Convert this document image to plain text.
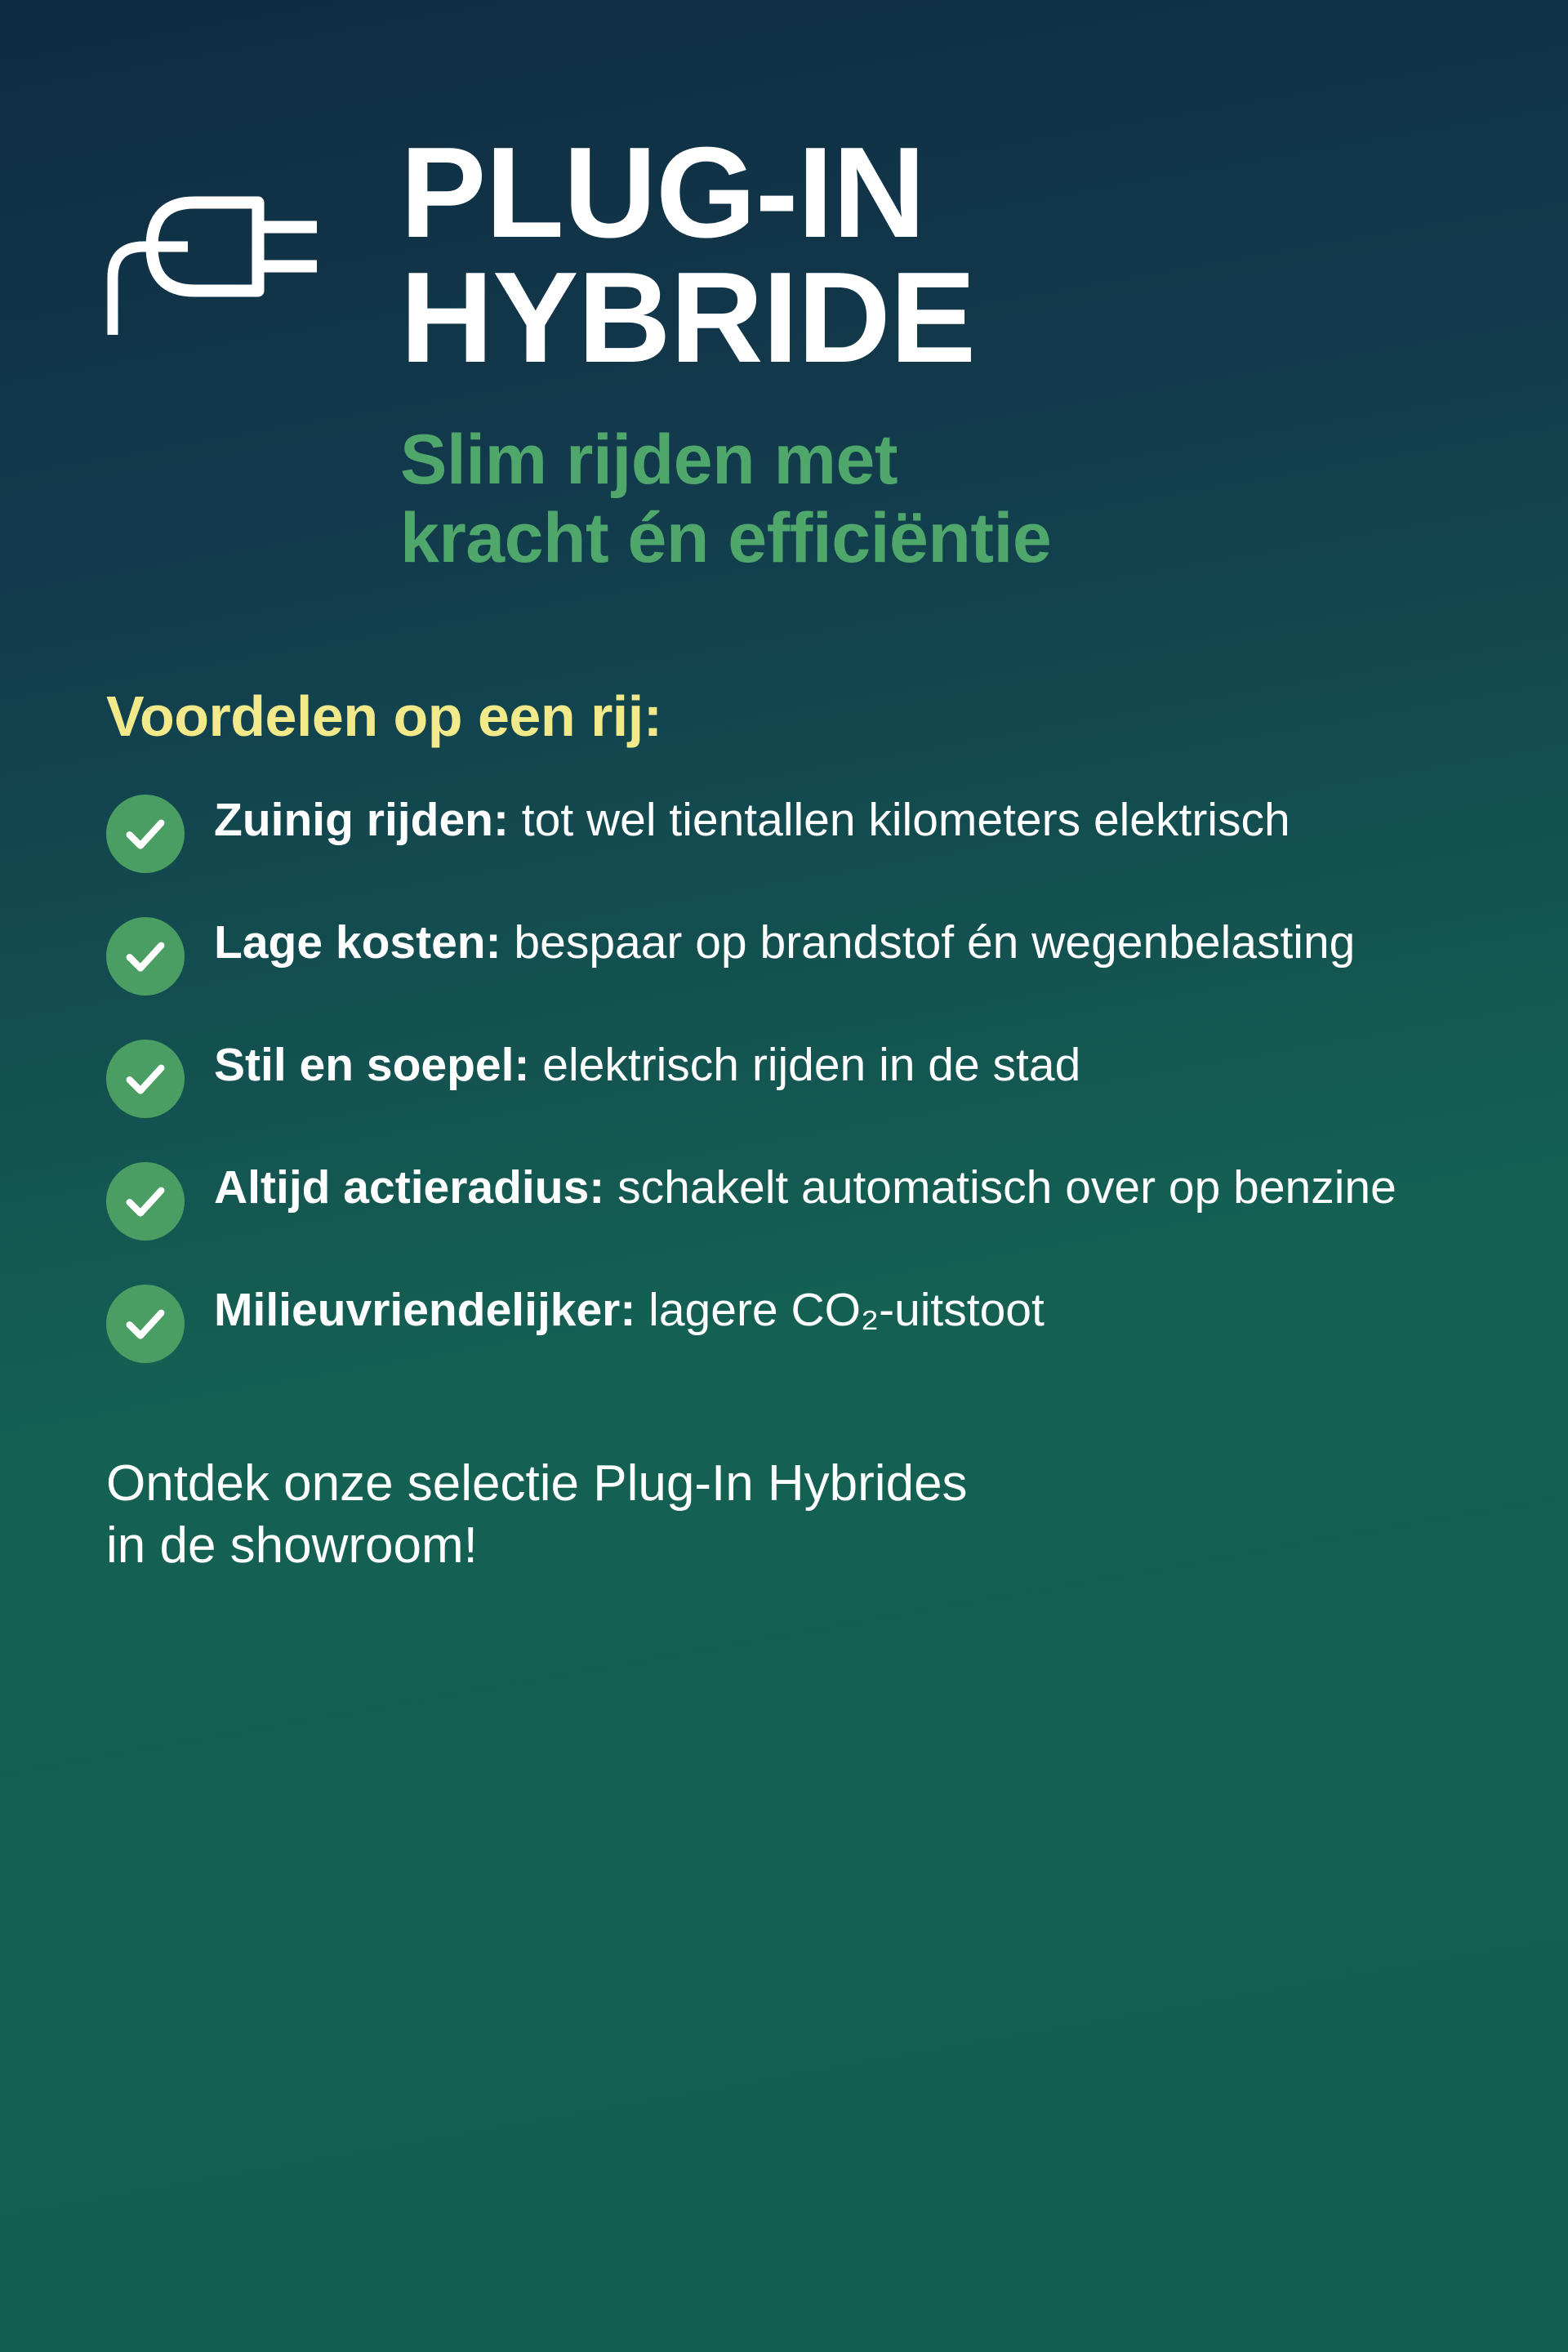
PLUG-IN
HYBRIDE

Slim rijden met
kracht én efficiëntie

Voordelen op een rij:
Zuinig rijden: tot wel tientallen kilometers elektrisch
Lage kosten: bespaar op brandstof én wegenbelasting
Stil en soepel: elektrisch rijden in de stad
Altijd actieradius: schakelt automatisch over op benzine
Milieuvriendelijker: lagere CO₂-uitstoot
Ontdek onze selectie Plug-In Hybrides
in de showroom!
